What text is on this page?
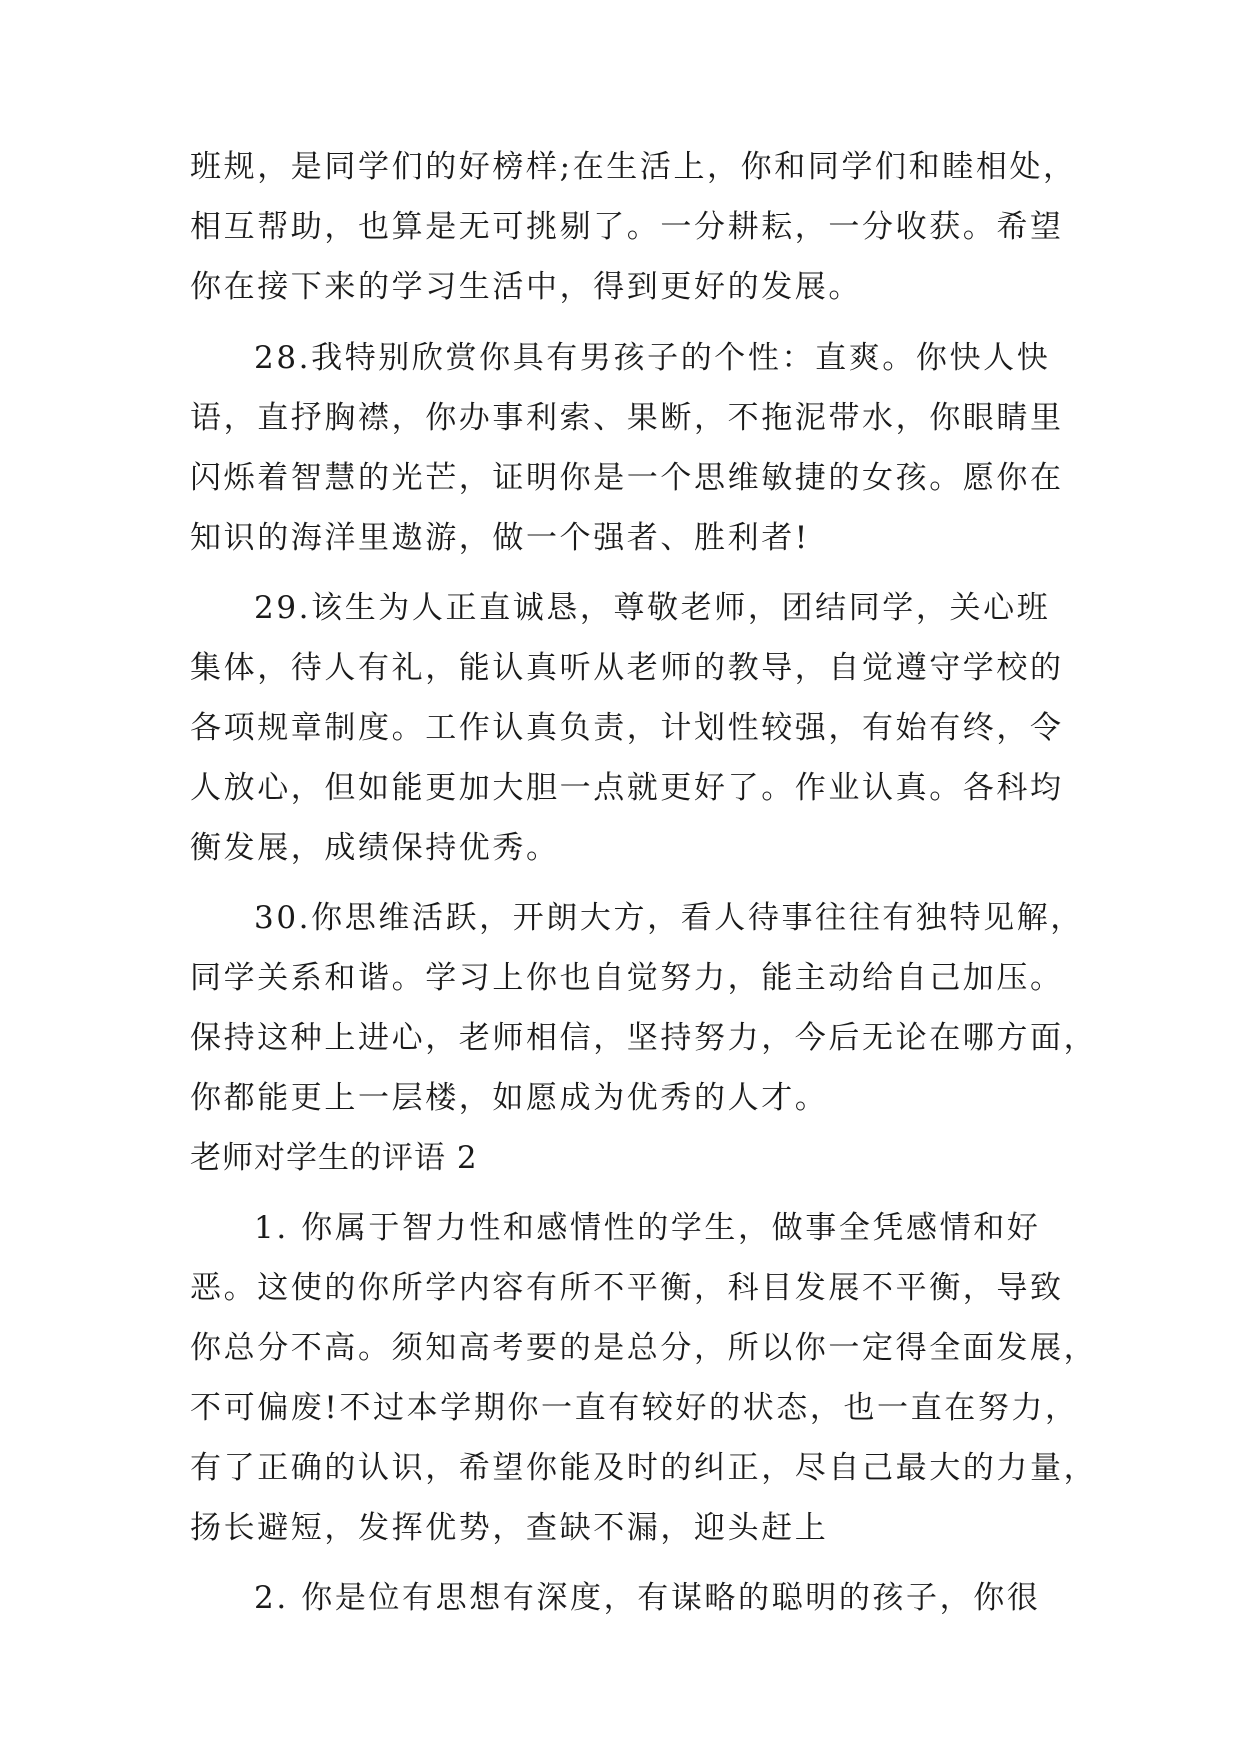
班规，是同学们的好榜样;在生活上，你和同学们和睦相处，
相互帮助，也算是无可挑剔了。一分耕耘，一分收获。希望
你在接下来的学习生活中，得到更好的发展。
28.我特别欣赏你具有男孩子的个性：直爽。你快人快
语，直抒胸襟，你办事利索、果断，不拖泥带水，你眼睛里
闪烁着智慧的光芒，证明你是一个思维敏捷的女孩。愿你在
知识的海洋里遨游，做一个强者、胜利者!
29.该生为人正直诚恳，尊敬老师，团结同学，关心班
集体，待人有礼，能认真听从老师的教导，自觉遵守学校的
各项规章制度。工作认真负责，计划性较强，有始有终，令
人放心，但如能更加大胆一点就更好了。作业认真。各科均
衡发展，成绩保持优秀。
30.你思维活跃，开朗大方，看人待事往往有独特见解，
同学关系和谐。学习上你也自觉努力，能主动给自己加压。
保持这种上进心，老师相信，坚持努力，今后无论在哪方面，
你都能更上一层楼，如愿成为优秀的人才。
老师对学生的评语 2
1. 你属于智力性和感情性的学生，做事全凭感情和好
恶。这使的你所学内容有所不平衡，科目发展不平衡，导致
你总分不高。须知高考要的是总分，所以你一定得全面发展，
不可偏废!不过本学期你一直有较好的状态，也一直在努力，
有了正确的认识，希望你能及时的纠正，尽自己最大的力量，
扬长避短，发挥优势，查缺不漏，迎头赶上
2. 你是位有思想有深度，有谋略的聪明的孩子，你很
